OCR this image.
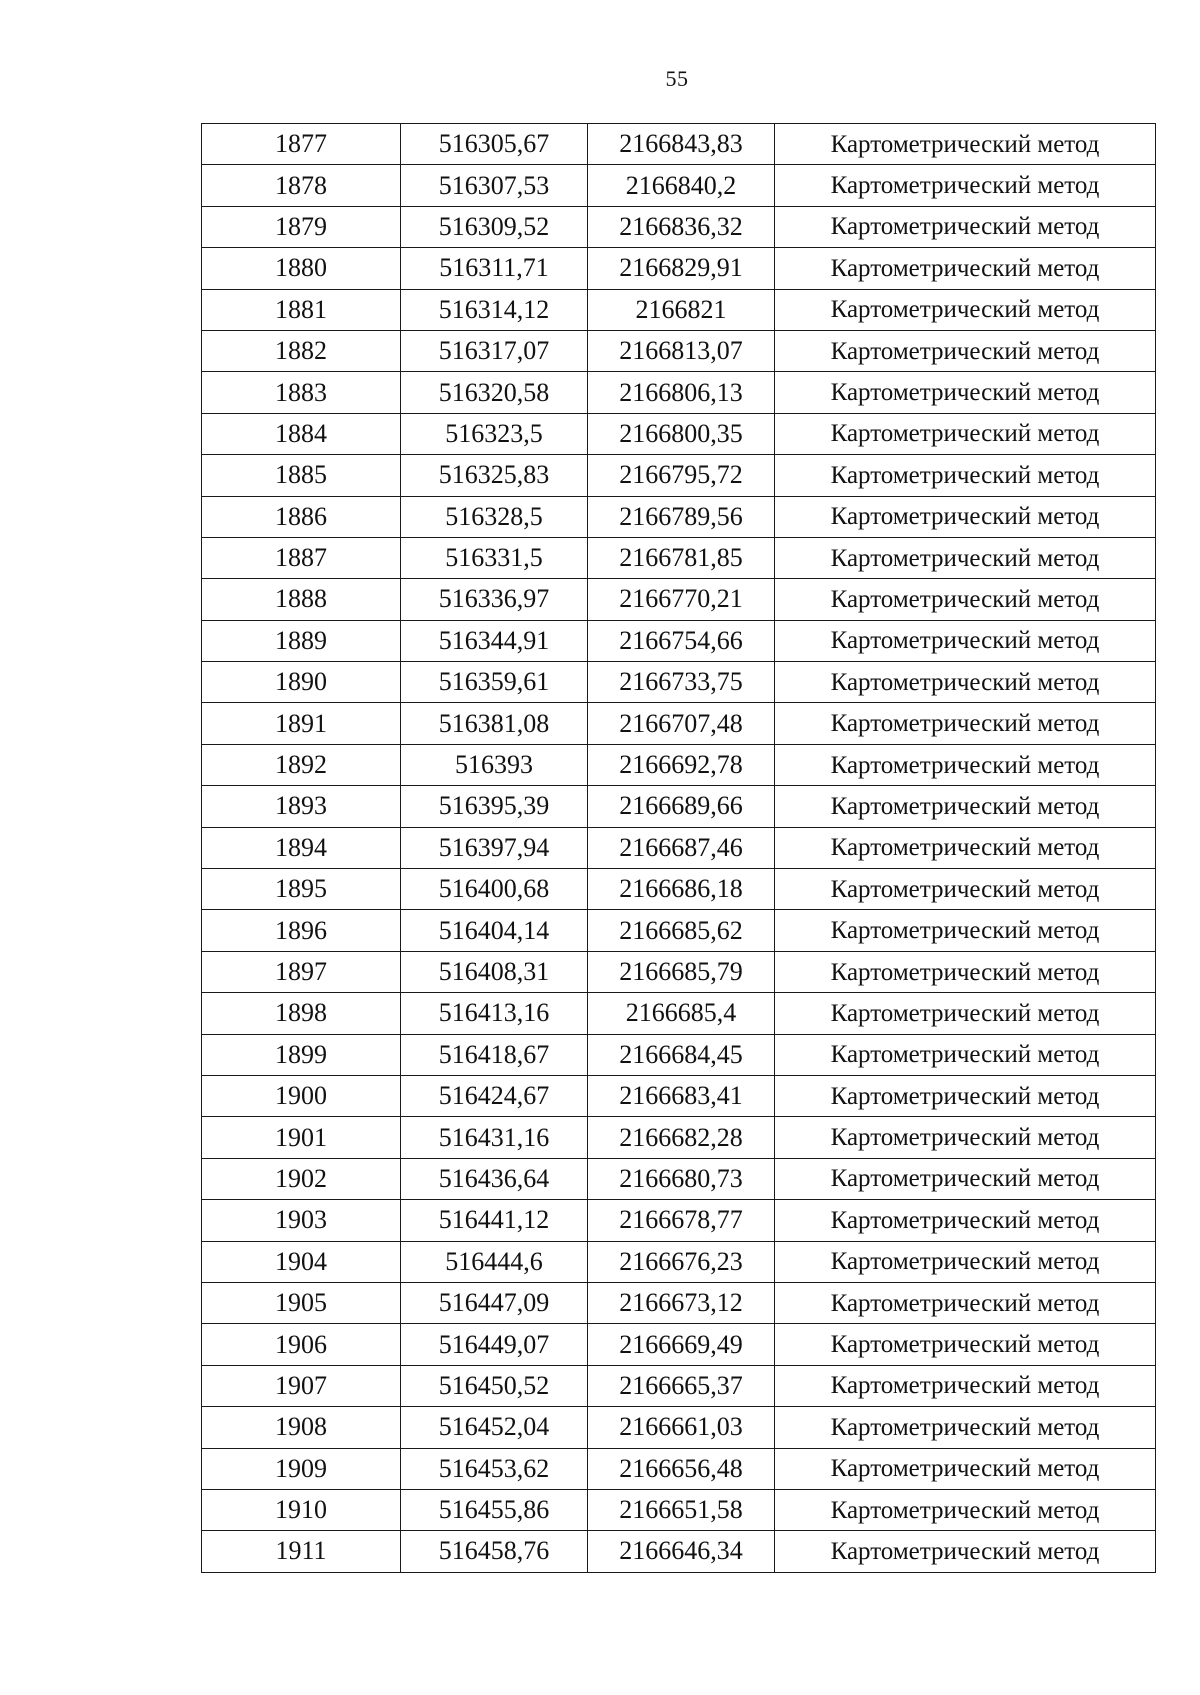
55
1877	516305,67	2166843,83	Картометрический метод
1878	516307,53	2166840,2	Картометрический метод
1879	516309,52	2166836,32	Картометрический метод
1880	516311,71	2166829,91	Картометрический метод
1881	516314,12	2166821	Картометрический метод
1882	516317,07	2166813,07	Картометрический метод
1883	516320,58	2166806,13	Картометрический метод
1884	516323,5	2166800,35	Картометрический метод
1885	516325,83	2166795,72	Картометрический метод
1886	516328,5	2166789,56	Картометрический метод
1887	516331,5	2166781,85	Картометрический метод
1888	516336,97	2166770,21	Картометрический метод
1889	516344,91	2166754,66	Картометрический метод
1890	516359,61	2166733,75	Картометрический метод
1891	516381,08	2166707,48	Картометрический метод
1892	516393	2166692,78	Картометрический метод
1893	516395,39	2166689,66	Картометрический метод
1894	516397,94	2166687,46	Картометрический метод
1895	516400,68	2166686,18	Картометрический метод
1896	516404,14	2166685,62	Картометрический метод
1897	516408,31	2166685,79	Картометрический метод
1898	516413,16	2166685,4	Картометрический метод
1899	516418,67	2166684,45	Картометрический метод
1900	516424,67	2166683,41	Картометрический метод
1901	516431,16	2166682,28	Картометрический метод
1902	516436,64	2166680,73	Картометрический метод
1903	516441,12	2166678,77	Картометрический метод
1904	516444,6	2166676,23	Картометрический метод
1905	516447,09	2166673,12	Картометрический метод
1906	516449,07	2166669,49	Картометрический метод
1907	516450,52	2166665,37	Картометрический метод
1908	516452,04	2166661,03	Картометрический метод
1909	516453,62	2166656,48	Картометрический метод
1910	516455,86	2166651,58	Картометрический метод
1911	516458,76	2166646,34	Картометрический метод
